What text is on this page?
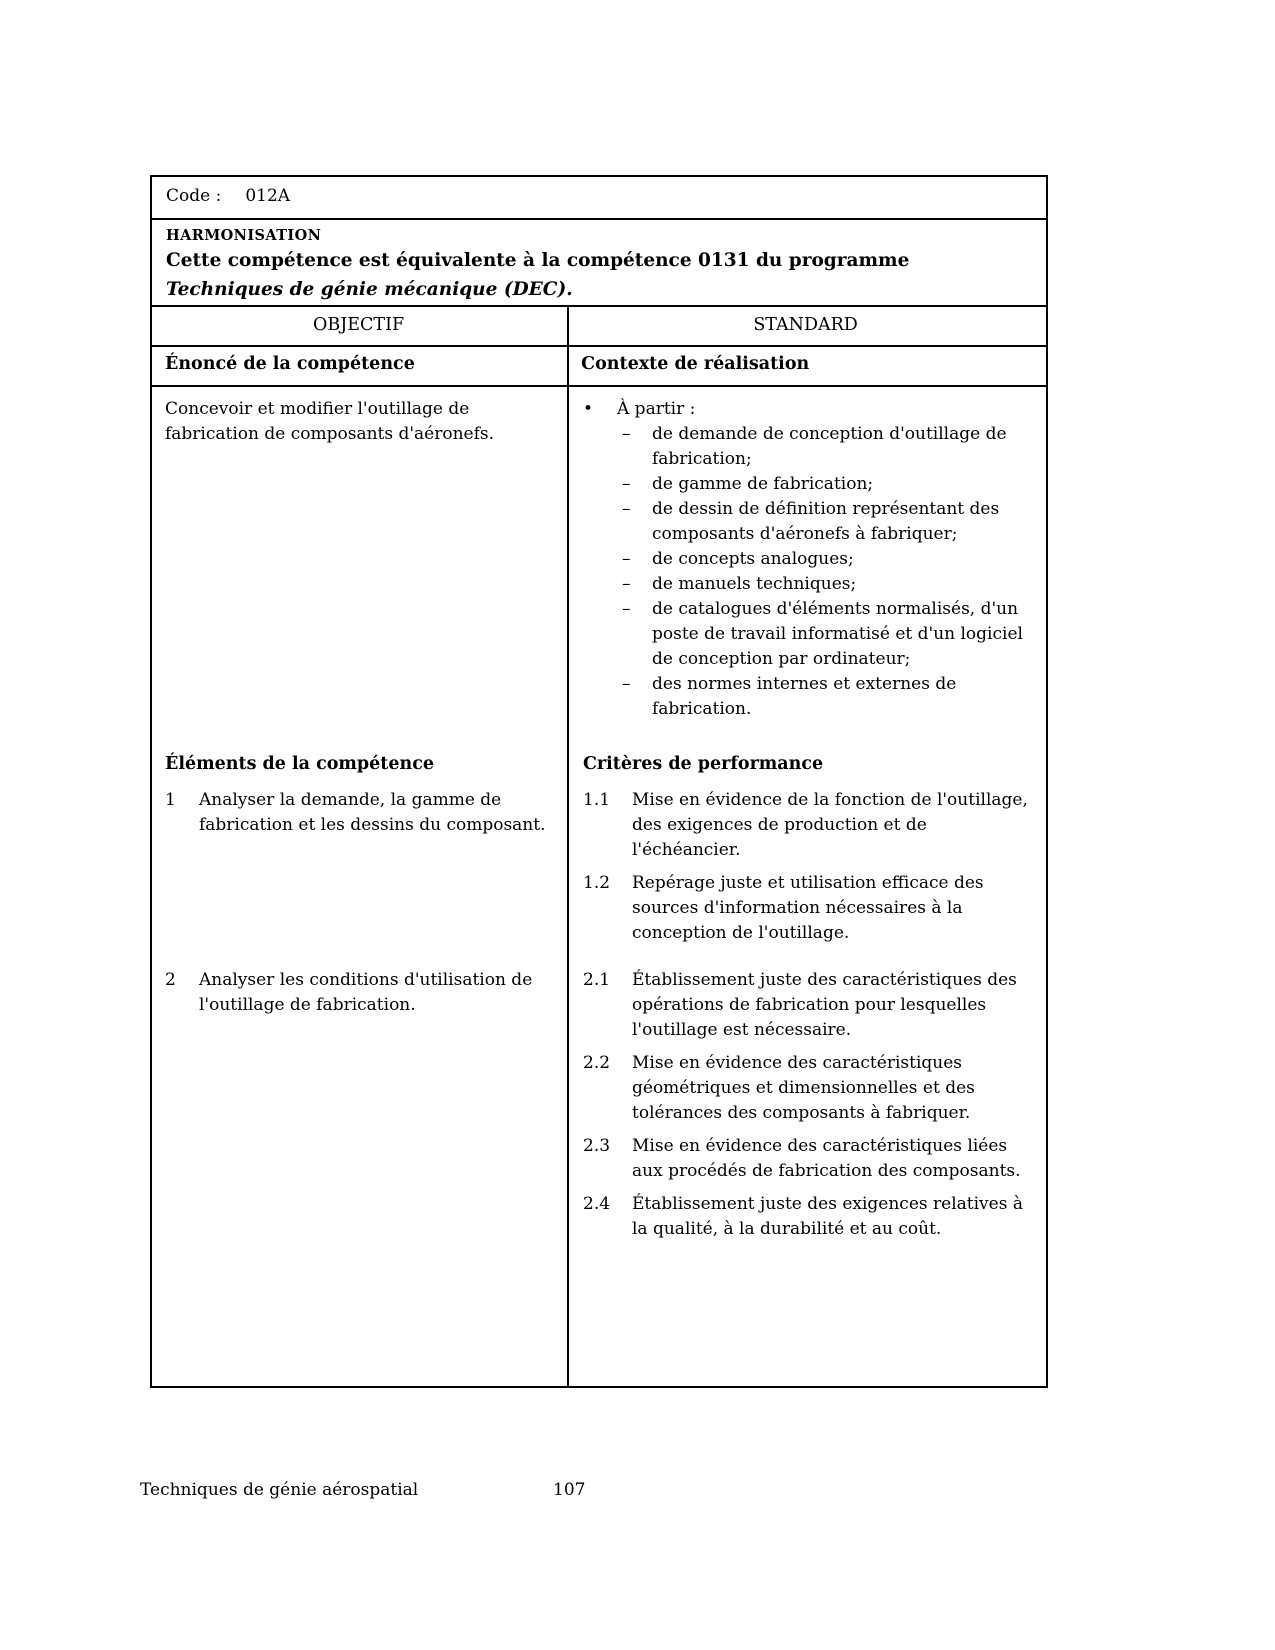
Code : 012A
HARMONISATION
Cette compétence est équivalente à la compétence 0131 du programme Techniques de génie mécanique (DEC).
OBJECTIF	STANDARD
Énoncé de la compétence	Contexte de réalisation

Concevoir et modifier l'outillage de fabrication de composants d'aéronefs.

•	À partir :
–	de demande de conception d'outillage de fabrication;
–	de gamme de fabrication;
–	de dessin de définition représentant des composants d'aéronefs à fabriquer;
–	de concepts analogues;
–	de manuels techniques;
–	de catalogues d'éléments normalisés, d'un poste de travail informatisé et d'un logiciel de conception par ordinateur;
–	des normes internes et externes de fabrication.
Éléments de la compétence	Critères de performance
1	Analyser la demande, la gamme de fabrication et les dessins du composant.
1.1	Mise en évidence de la fonction de l'outillage, des exigences de production et de l'échéancier.
1.2	Repérage juste et utilisation efficace des sources d'information nécessaires à la conception de l'outillage.
2	Analyser les conditions d'utilisation de l'outillage de fabrication.
2.1	Établissement juste des caractéristiques des opérations de fabrication pour lesquelles l'outillage est nécessaire.
2.2	Mise en évidence des caractéristiques géométriques et dimensionnelles et des tolérances des composants à fabriquer.
2.3	Mise en évidence des caractéristiques liées aux procédés de fabrication des composants.
2.4	Établissement juste des exigences relatives à la qualité, à la durabilité et au coût.
Techniques de génie aérospatial	107
